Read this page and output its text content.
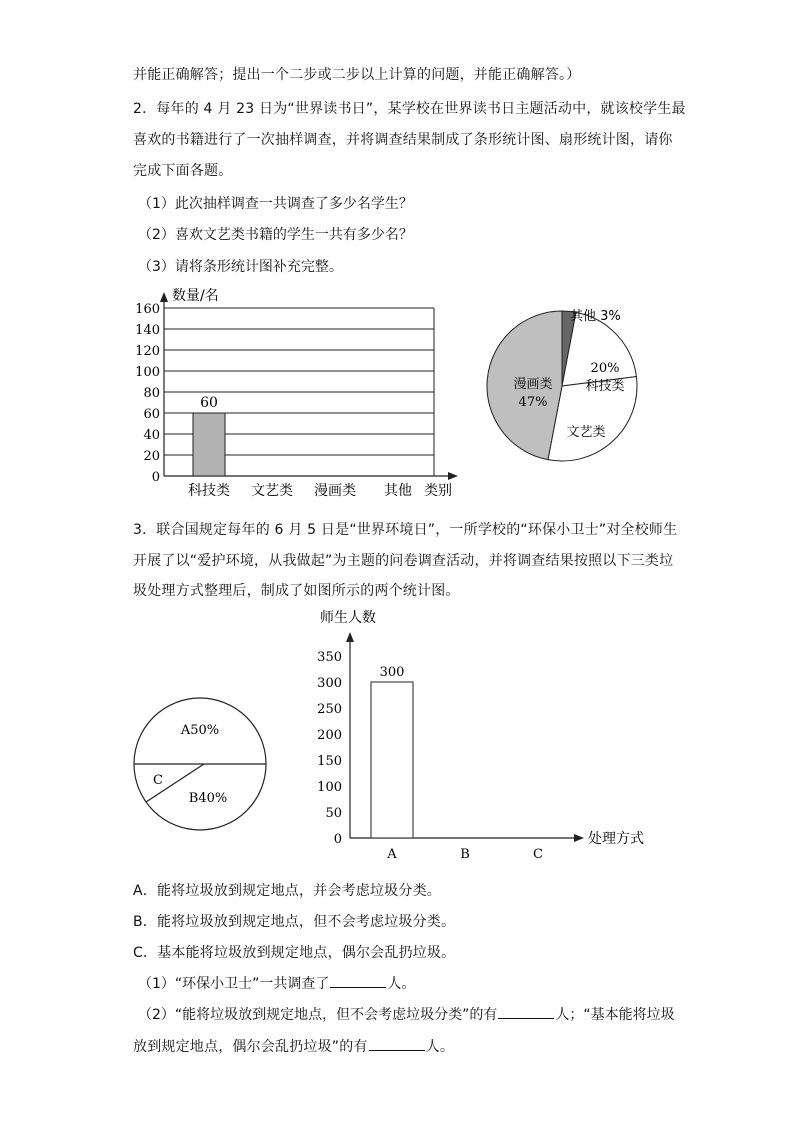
并能正确解答；提出一个二步或二步以上计算的问题，并能正确解答。）
2．每年的 4 月 23 日为“世界读书日”，某学校在世界读书日主题活动中，就该校学生最
喜欢的书籍进行了一次抽样调查，并将调查结果制成了条形统计图、扇形统计图，请你
完成下面各题。
（1）此次抽样调查一共调查了多少名学生？
（2）喜欢文艺类书籍的学生一共有多少名？
（3）请将条形统计图补充完整。
0
20
40
60
80
100
120
140
160
数量/名
科技类
60
文艺类 漫画类 其他 类别
其他 3%
20%
科技类
文艺类
漫画类
47%
3．联合国规定每年的 6 月 5 日是“世界环境日”，一所学校的“环保小卫士”对全校师生
开展了以“爱护环境，从我做起”为主题的问卷调查活动，并将调查结果按照以下三类垃
圾处理方式整理后，制成了如图所示的两个统计图。
A50%
B40%
C
师生人数
处理方式
0
50
100
150
200
250
300
350
A
300
B	C
A．能将垃圾放到规定地点，并会考虑垃圾分类。
B．能将垃圾放到规定地点，但不会考虑垃圾分类。
C．基本能将垃圾放到规定地点，偶尔会乱扔垃圾。
（1）“环保小卫士”一共调查了	人。
（2）“能将垃圾放到规定地点，但不会考虑垃圾分类”的有	人；“基本能将垃圾
放到规定地点，偶尔会乱扔垃圾”的有	人。
